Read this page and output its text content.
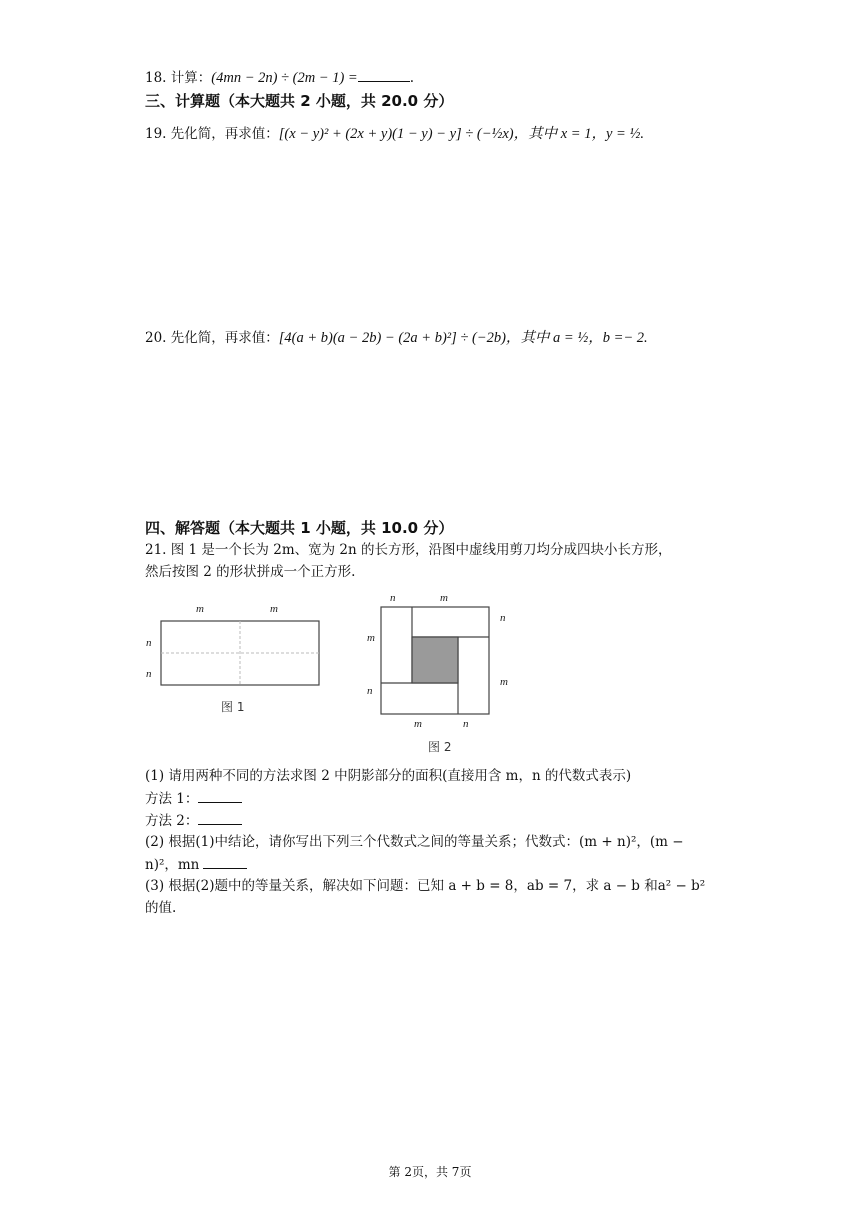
18. 计算：(4mn − 2n) ÷ (2m − 1) =	.
三、计算题（本大题共 2 小题，共 20.0 分）
19. 先化简，再求值：[(x − y)² + (2x + y)(1 − y) − y] ÷ (−½x)，其中 x = 1，y = ½.
20. 先化简，再求值：[4(a + b)(a − 2b) − (2a + b)²] ÷ (−2b)，其中 a = ½，b =− 2.
四、解答题（本大题共 1 小题，共 10.0 分）
21. 图 1 是一个长为 2m、宽为 2n 的长方形，沿图中虚线用剪刀均分成四块小长方形，
然后按图 2 的形状拼成一个正方形.
m	m
n
n
图 1
n	m
n
m
m
n
m	n
图 2
(1) 请用两种不同的方法求图 2 中阴影部分的面积(直接用含 m，n 的代数式表示)
方法 1：
方法 2：
(2) 根据(1)中结论，请你写出下列三个代数式之间的等量关系；代数式：(m + n)²，(m −
n)²，mn
(3) 根据(2)题中的等量关系，解决如下问题：已知 a + b = 8，ab = 7，求 a − b 和a² − b²
的值.
第 2页，共 7页
